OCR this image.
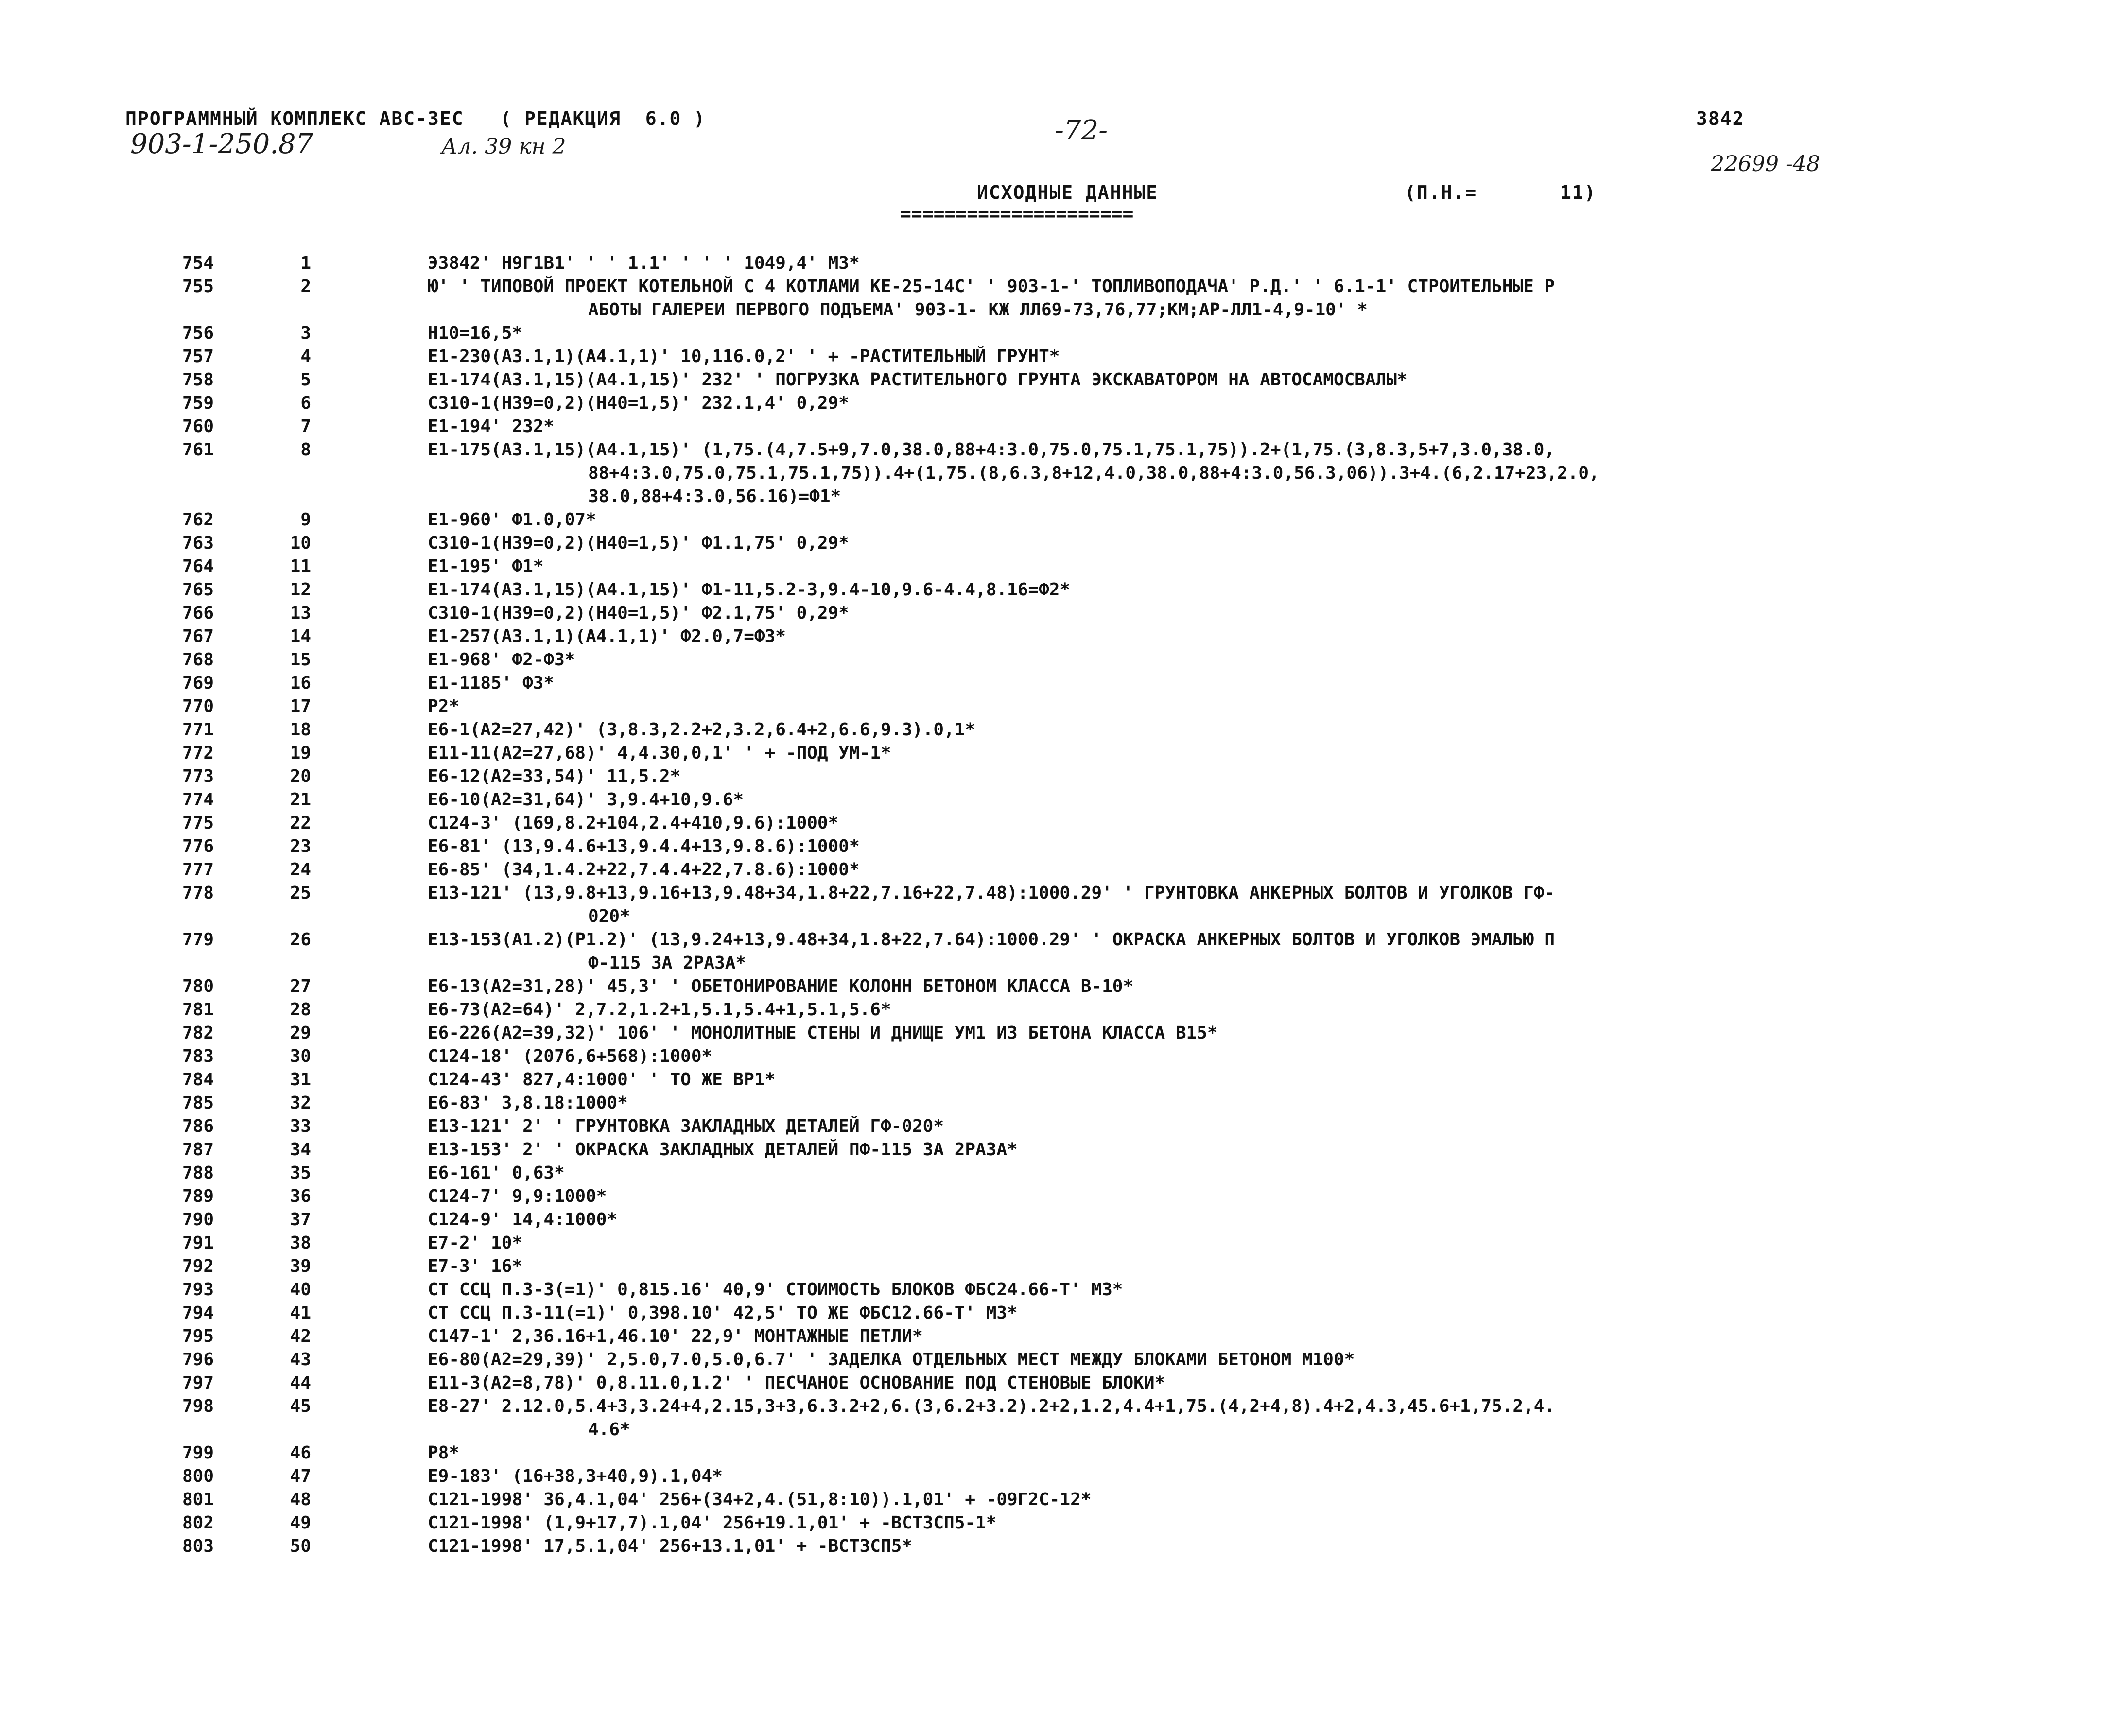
ПРОГРАММНЫЙ КОМПЛЕКС АВС-ЗЕС   ( РЕДАКЦИЯ  6.0 )	-72-	3842
903-1-250.87	Ал. 39 кн 2
22699 -48
ИСХОДНЫЕ ДАННЫЕ	(П.Н.=	11)
=====================
754	1	Э3842' Н9Г1В1' ' ' 1.1' ' ' ' 1049,4' М3*
755	2	Ю' ' ТИПОВОЙ ПРОЕКТ КОТЕЛЬНОЙ С 4 КОТЛАМИ КЕ-25-14С' ' 903-1-' ТОПЛИВОПОДАЧА' Р.Д.' ' 6.1-1' СТРОИТЕЛЬНЫЕ Р
АБОТЫ ГАЛЕРЕИ ПЕРВОГО ПОДЪЕМА' 903-1- КЖ ЛЛ69-73,76,77;КМ;АР-ЛЛ1-4,9-10' *
756	3	Н10=16,5*
757	4	Е1-230(А3.1,1)(А4.1,1)' 10,116.0,2' ' + -РАСТИТЕЛЬНЫЙ ГРУНТ*
758	5	Е1-174(А3.1,15)(А4.1,15)' 232' ' ПОГРУЗКА РАСТИТЕЛЬНОГО ГРУНТА ЭКСКАВАТОРОМ НА АВТОСАМОСВАЛЫ*
759	6	С310-1(Н39=0,2)(Н40=1,5)' 232.1,4' 0,29*
760	7	Е1-194' 232*
761	8	Е1-175(А3.1,15)(А4.1,15)' (1,75.(4,7.5+9,7.0,38.0,88+4:3.0,75.0,75.1,75.1,75)).2+(1,75.(3,8.3,5+7,3.0,38.0,
88+4:3.0,75.0,75.1,75.1,75)).4+(1,75.(8,6.3,8+12,4.0,38.0,88+4:3.0,56.3,06)).3+4.(6,2.17+23,2.0,
38.0,88+4:3.0,56.16)=Ф1*
762	9	Е1-960' Ф1.0,07*
763	10	С310-1(Н39=0,2)(Н40=1,5)' Ф1.1,75' 0,29*
764	11	Е1-195' Ф1*
765	12	Е1-174(А3.1,15)(А4.1,15)' Ф1-11,5.2-3,9.4-10,9.6-4.4,8.16=Ф2*
766	13	С310-1(Н39=0,2)(Н40=1,5)' Ф2.1,75' 0,29*
767	14	Е1-257(А3.1,1)(А4.1,1)' Ф2.0,7=Ф3*
768	15	Е1-968' Ф2-Ф3*
769	16	Е1-1185' Ф3*
770	17	Р2*
771	18	Е6-1(А2=27,42)' (3,8.3,2.2+2,3.2,6.4+2,6.6,9.3).0,1*
772	19	Е11-11(А2=27,68)' 4,4.30,0,1' ' + -ПОД УМ-1*
773	20	Е6-12(А2=33,54)' 11,5.2*
774	21	Е6-10(А2=31,64)' 3,9.4+10,9.6*
775	22	С124-3' (169,8.2+104,2.4+410,9.6):1000*
776	23	Е6-81' (13,9.4.6+13,9.4.4+13,9.8.6):1000*
777	24	Е6-85' (34,1.4.2+22,7.4.4+22,7.8.6):1000*
778	25	Е13-121' (13,9.8+13,9.16+13,9.48+34,1.8+22,7.16+22,7.48):1000.29' ' ГРУНТОВКА АНКЕРНЫХ БОЛТОВ И УГОЛКОВ ГФ-
020*
779	26	Е13-153(А1.2)(Р1.2)' (13,9.24+13,9.48+34,1.8+22,7.64):1000.29' ' ОКРАСКА АНКЕРНЫХ БОЛТОВ И УГОЛКОВ ЭМАЛЬЮ П
Ф-115 ЗА 2РАЗА*
780	27	Е6-13(А2=31,28)' 45,3' ' ОБЕТОНИРОВАНИЕ КОЛОНН БЕТОНОМ КЛАССА В-10*
781	28	Е6-73(А2=64)' 2,7.2,1.2+1,5.1,5.4+1,5.1,5.6*
782	29	Е6-226(А2=39,32)' 106' ' МОНОЛИТНЫЕ СТЕНЫ И ДНИЩЕ УМ1 ИЗ БЕТОНА КЛАССА В15*
783	30	С124-18' (2076,6+568):1000*
784	31	С124-43' 827,4:1000' ' ТО ЖЕ ВР1*
785	32	Е6-83' 3,8.18:1000*
786	33	Е13-121' 2' ' ГРУНТОВКА ЗАКЛАДНЫХ ДЕТАЛЕЙ ГФ-020*
787	34	Е13-153' 2' ' ОКРАСКА ЗАКЛАДНЫХ ДЕТАЛЕЙ ПФ-115 ЗА 2РАЗА*
788	35	Е6-161' 0,63*
789	36	С124-7' 9,9:1000*
790	37	С124-9' 14,4:1000*
791	38	Е7-2' 10*
792	39	Е7-3' 16*
793	40	СТ ССЦ П.3-3(=1)' 0,815.16' 40,9' СТОИМОСТЬ БЛОКОВ ФБС24.66-Т' М3*
794	41	СТ ССЦ П.3-11(=1)' 0,398.10' 42,5' ТО ЖЕ ФБС12.66-Т' М3*
795	42	С147-1' 2,36.16+1,46.10' 22,9' МОНТАЖНЫЕ ПЕТЛИ*
796	43	Е6-80(А2=29,39)' 2,5.0,7.0,5.0,6.7' ' ЗАДЕЛКА ОТДЕЛЬНЫХ МЕСТ МЕЖДУ БЛОКАМИ БЕТОНОМ М100*
797	44	Е11-3(А2=8,78)' 0,8.11.0,1.2' ' ПЕСЧАНОЕ ОСНОВАНИЕ ПОД СТЕНОВЫЕ БЛОКИ*
798	45	Е8-27' 2.12.0,5.4+3,3.24+4,2.15,3+3,6.3.2+2,6.(3,6.2+3.2).2+2,1.2,4.4+1,75.(4,2+4,8).4+2,4.3,45.6+1,75.2,4.
4.6*
799	46	Р8*
800	47	Е9-183' (16+38,3+40,9).1,04*
801	48	С121-1998' 36,4.1,04' 256+(34+2,4.(51,8:10)).1,01' + -09Г2С-12*
802	49	С121-1998' (1,9+17,7).1,04' 256+19.1,01' + -ВСТ3СП5-1*
803	50	С121-1998' 17,5.1,04' 256+13.1,01' + -ВСТ3СП5*
